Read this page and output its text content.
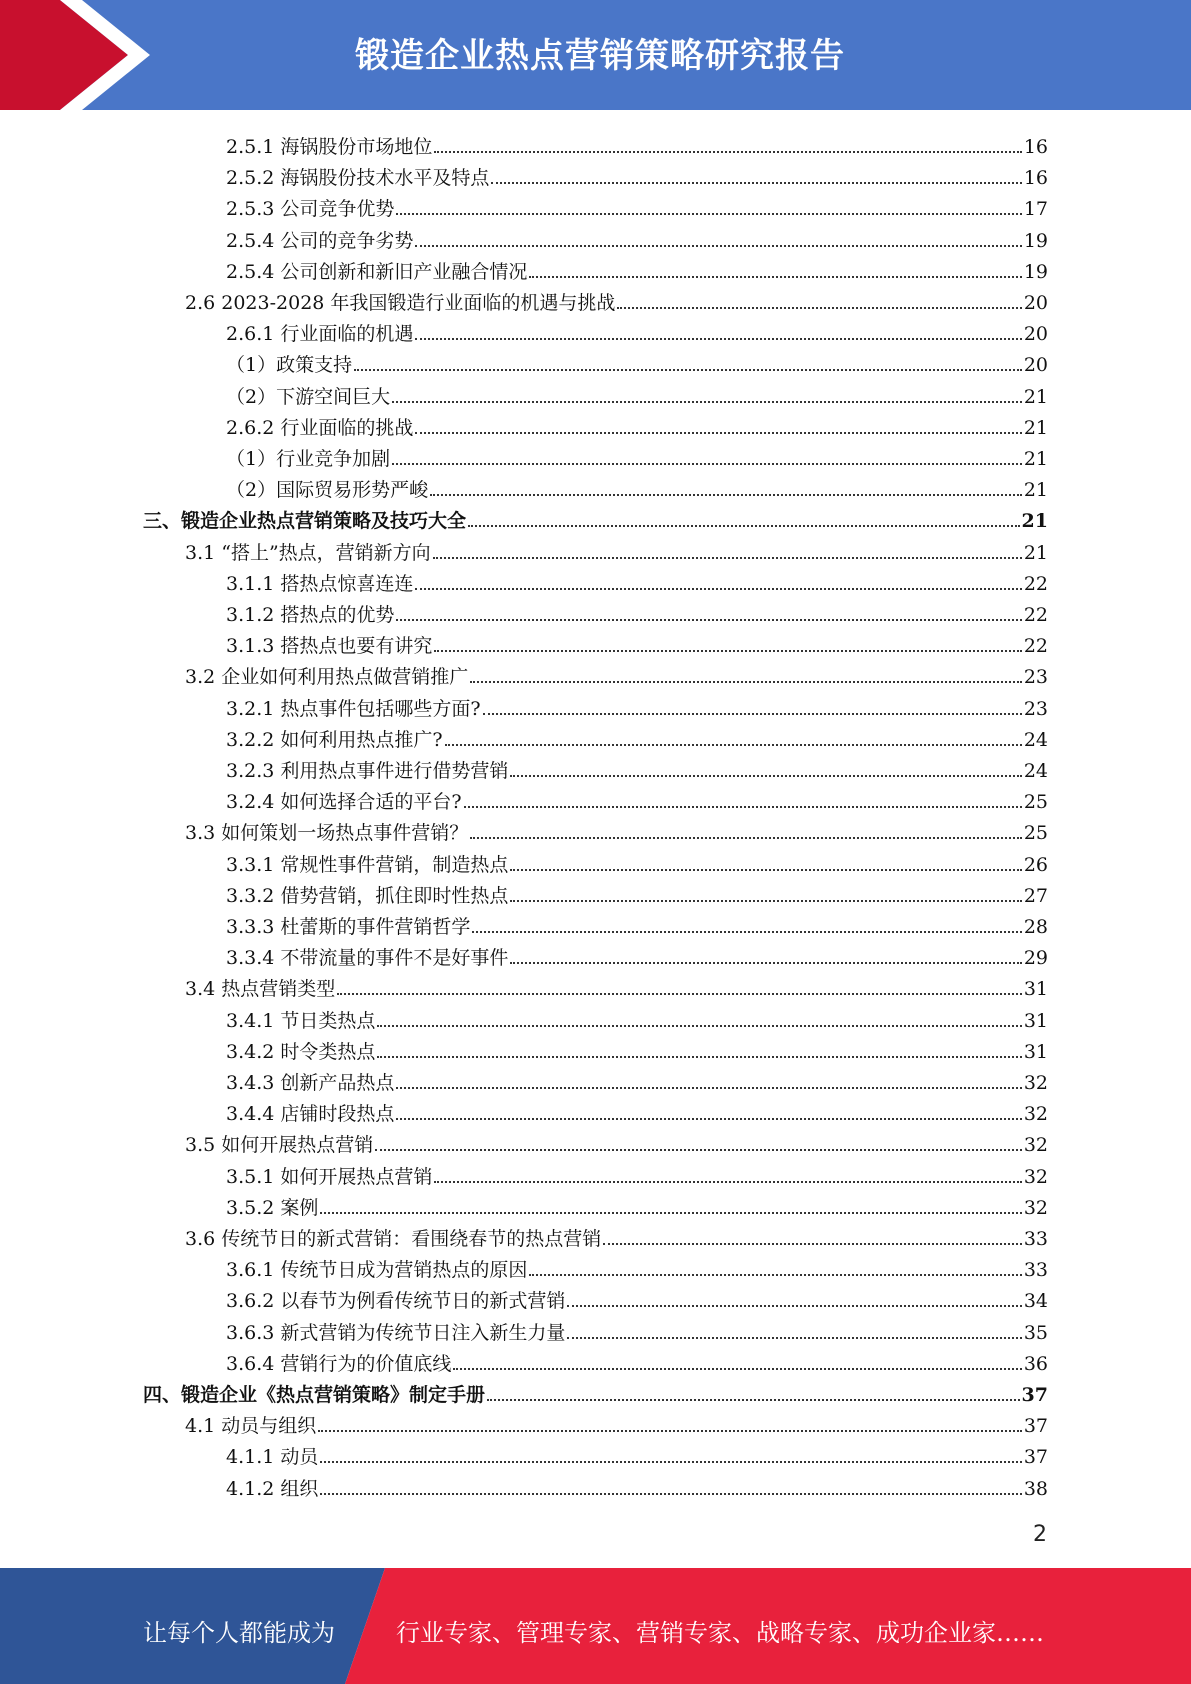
锻造企业热点营销策略研究报告
2.5.1 海锅股份市场地位	16
2.5.2 海锅股份技术水平及特点	16
2.5.3 公司竞争优势	17
2.5.4 公司的竞争劣势	19
2.5.4 公司创新和新旧产业融合情况	19
2.6 2023-2028 年我国锻造行业面临的机遇与挑战	20
2.6.1 行业面临的机遇	20
（1）政策支持	20
（2）下游空间巨大	21
2.6.2 行业面临的挑战	21
（1）行业竞争加剧	21
（2）国际贸易形势严峻	21
三、锻造企业热点营销策略及技巧大全	21
3.1 “搭上”热点，营销新方向	21
3.1.1 搭热点惊喜连连	22
3.1.2 搭热点的优势	22
3.1.3 搭热点也要有讲究	22
3.2 企业如何利用热点做营销推广	23
3.2.1 热点事件包括哪些方面?	23
3.2.2 如何利用热点推广?	24
3.2.3 利用热点事件进行借势营销	24
3.2.4 如何选择合适的平台?	25
3.3 如何策划一场热点事件营销？	25
3.3.1 常规性事件营销，制造热点	26
3.3.2 借势营销，抓住即时性热点	27
3.3.3 杜蕾斯的事件营销哲学	28
3.3.4 不带流量的事件不是好事件	29
3.4 热点营销类型	31
3.4.1 节日类热点	31
3.4.2 时令类热点	31
3.4.3 创新产品热点	32
3.4.4 店铺时段热点	32
3.5 如何开展热点营销	32
3.5.1 如何开展热点营销	32
3.5.2 案例	32
3.6 传统节日的新式营销：看围绕春节的热点营销	33
3.6.1 传统节日成为营销热点的原因	33
3.6.2 以春节为例看传统节日的新式营销	34
3.6.3 新式营销为传统节日注入新生力量	35
3.6.4 营销行为的价值底线	36
四、锻造企业《热点营销策略》制定手册	37
4.1 动员与组织	37
4.1.1 动员	37
4.1.2 组织	38
2
让每个人都能成为	行业专家、管理专家、营销专家、战略专家、成功企业家……
